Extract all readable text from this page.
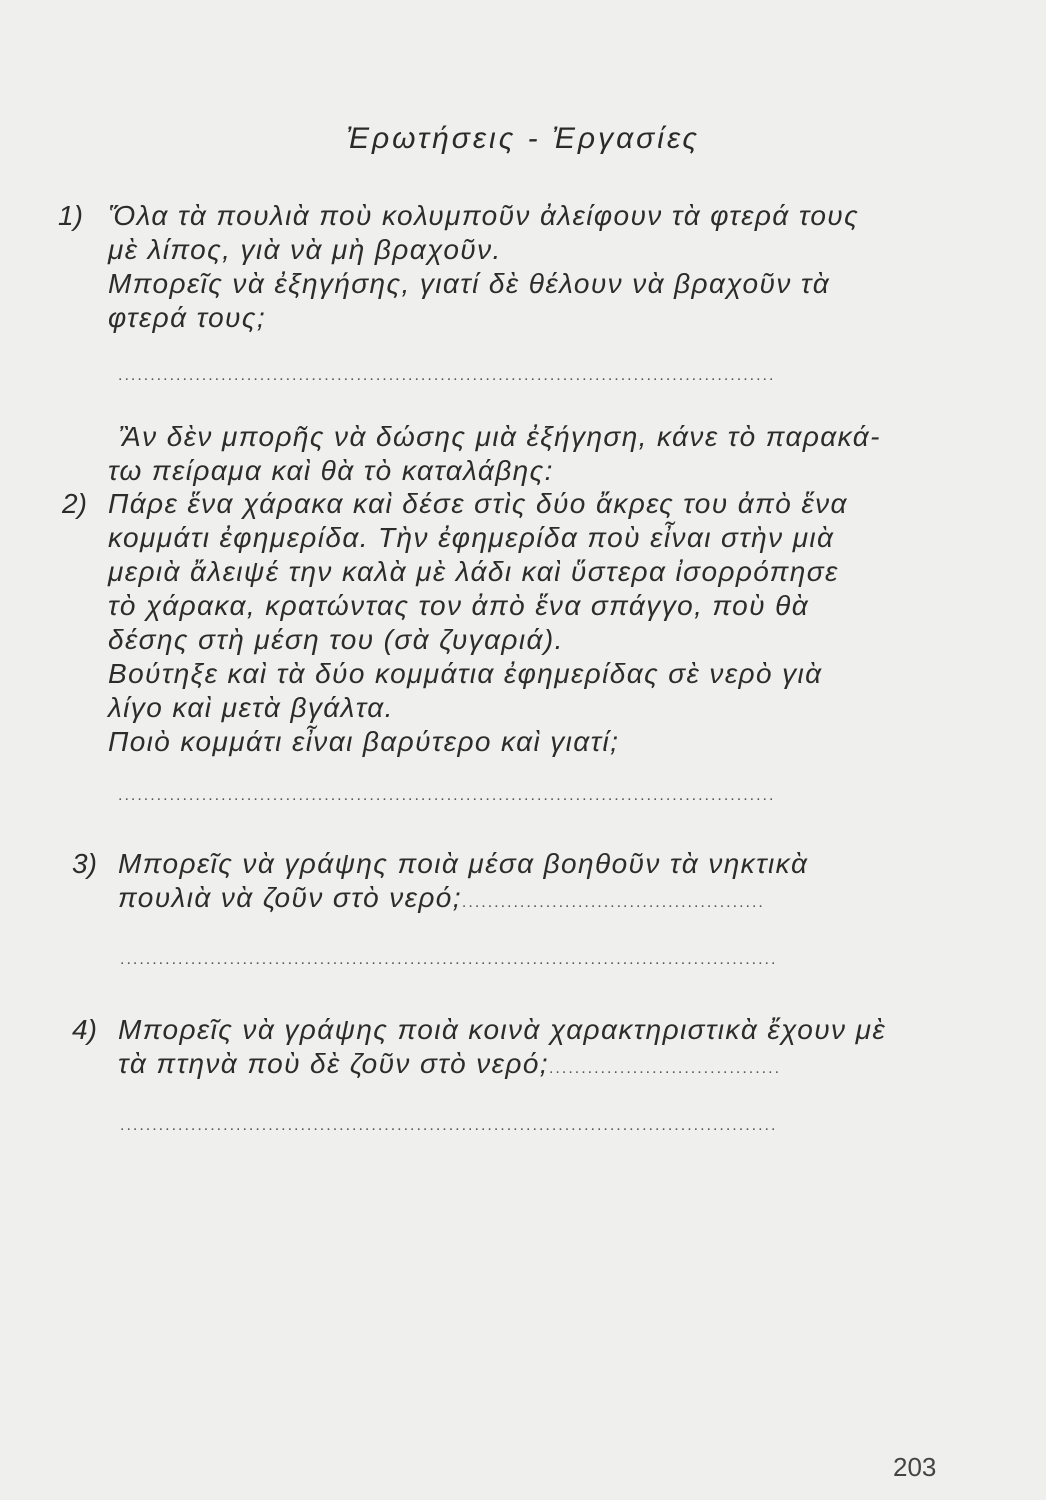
Ἐρωτήσεις - Ἐργασίες
1) Ὅλα τὰ πουλιὰ ποὺ κολυμποῦν ἀλείφουν τὰ φτερά τους
μὲ λίπος, γιὰ νὰ μὴ βραχοῦν.
Μπορεῖς νὰ ἐξηγήσης, γιατί δὲ θέλουν νὰ βραχοῦν τὰ
φτερά τους;
......................................................................................................
Ἂν δὲν μπορῆς νὰ δώσης μιὰ ἐξήγηση, κάνε τὸ παρακά-
τω πείραμα καὶ θὰ τὸ καταλάβης:
2) Πάρε ἕνα χάρακα καὶ δέσε στὶς δύο ἄκρες του ἀπὸ ἕνα
κομμάτι ἐφημερίδα. Τὴν ἐφημερίδα ποὺ εἶναι στὴν μιὰ
μεριὰ ἄλειψέ την καλὰ μὲ λάδι καὶ ὕστερα ἰσορρόπησε
τὸ χάρακα, κρατώντας τον ἀπὸ ἕνα σπάγγο, ποὺ θὰ
δέσης στὴ μέση του (σὰ ζυγαριά).
Βούτηξε καὶ τὰ δύο κομμάτια ἐφημερίδας σὲ νερὸ γιὰ
λίγο καὶ μετὰ βγάλτα.
Ποιὸ κομμάτι εἶναι βαρύτερο καὶ γιατί;
......................................................................................................
3) Μπορεῖς νὰ γράψης ποιὰ μέσα βοηθοῦν τὰ νηκτικὰ
πουλιὰ νὰ ζοῦν στὸ νερό;...............................................
......................................................................................................
4) Μπορεῖς νὰ γράψης ποιὰ κοινὰ χαρακτηριστικὰ ἔχουν μὲ
τὰ πτηνὰ ποὺ δὲ ζοῦν στὸ νερό;....................................
......................................................................................................
203
